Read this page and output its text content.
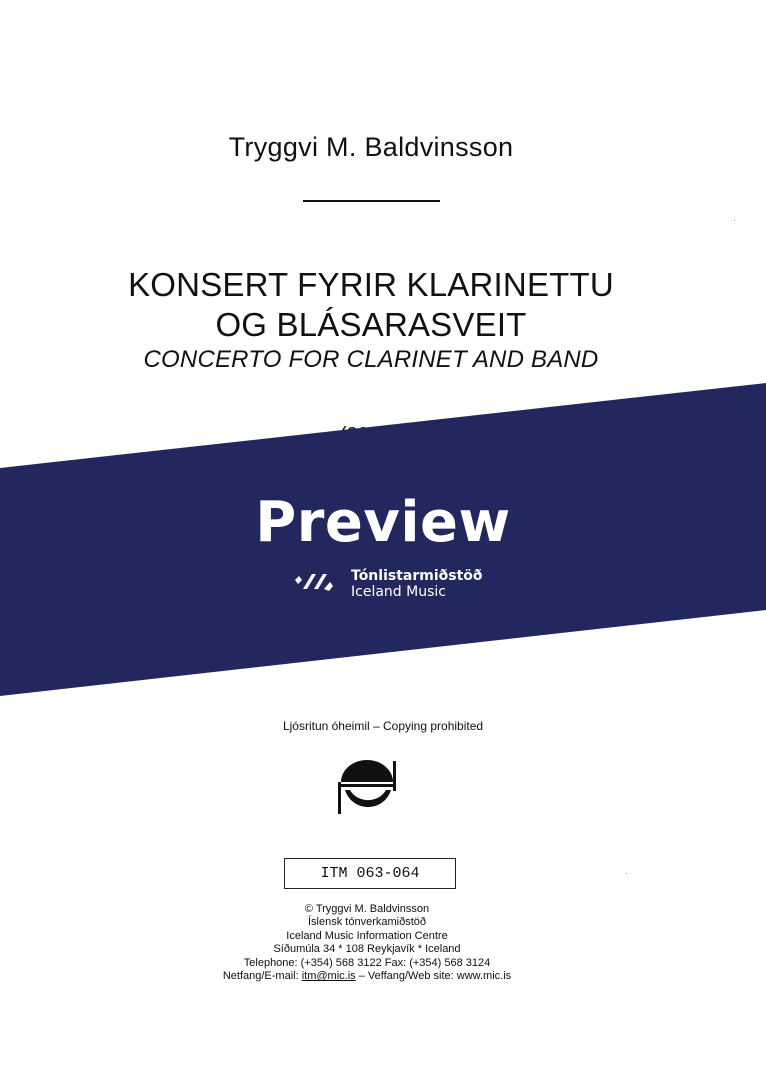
Tryggvi M. Baldvinsson
KONSERT FYRIR KLARINETTU
OG BLÁSARASVEIT
CONCERTO FOR CLARINET AND BAND
Preview
Tónlistarmiðstöð
Iceland Music
Ljósritun óheimil – Copying prohibited
ITM 063-064
© Tryggvi M. Baldvinsson
Íslensk tónverkamiðstöð
Iceland Music Information Centre
Síðumúla 34 * 108 Reykjavík * Iceland
Telephone: (+354) 568 3122 Fax: (+354) 568 3124
Netfang/E-mail: itm@mic.is – Veffang/Web site: www.mic.is
